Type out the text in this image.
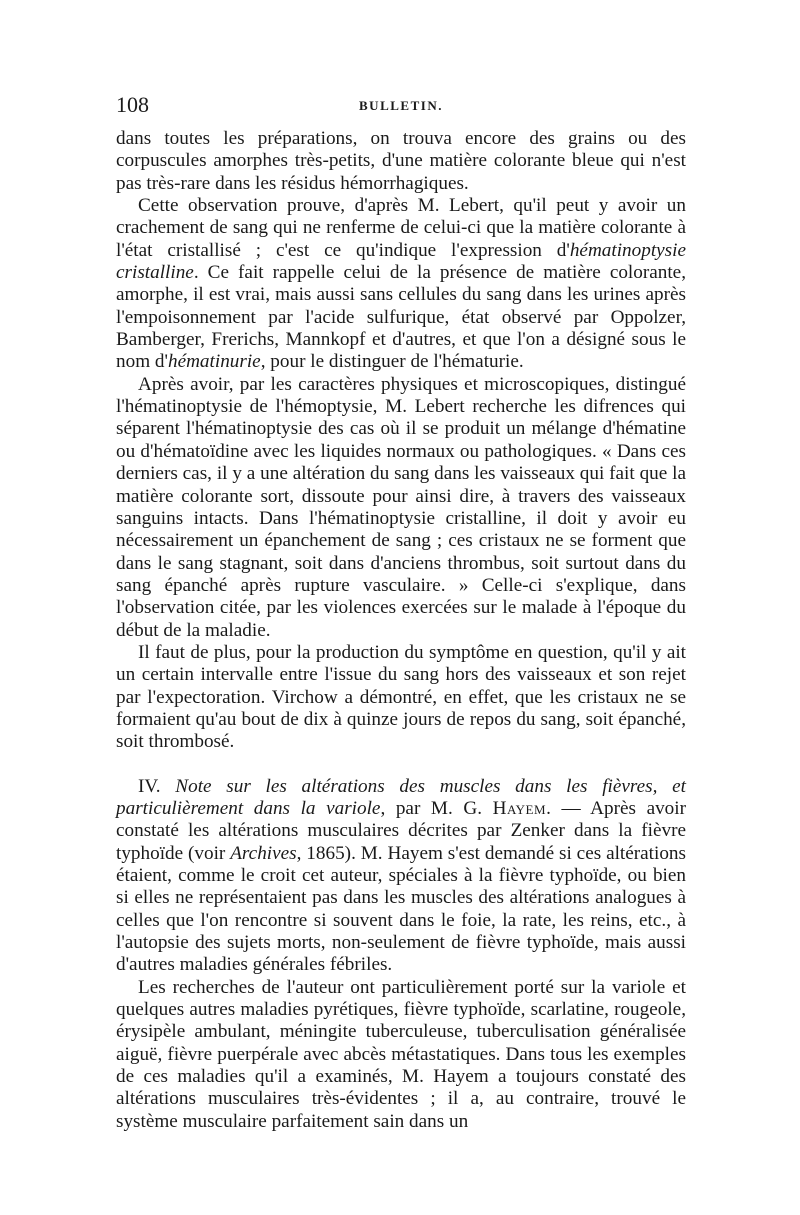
108	BULLETIN.

dans toutes les préparations, on trouva encore des grains ou des corpuscules amorphes très-petits, d'une matière colorante bleue qui n'est pas très-rare dans les résidus hémorrhagiques.

Cette observation prouve, d'après M. Lebert, qu'il peut y avoir un crachement de sang qui ne renferme de celui-ci que la matière colorante à l'état cristallisé ; c'est ce qu'indique l'expression d'hématinoptysie cristalline. Ce fait rappelle celui de la présence de matière colorante, amorphe, il est vrai, mais aussi sans cellules du sang dans les urines après l'empoisonnement par l'acide sulfurique, état observé par Oppolzer, Bamberger, Frerichs, Mannkopf et d'autres, et que l'on a désigné sous le nom d'hématinurie, pour le distinguer de l'hématurie.

Après avoir, par les caractères physiques et microscopiques, distingué l'hématinoptysie de l'hémoptysie, M. Lebert recherche les difrences qui séparent l'hématinoptysie des cas où il se produit un mélange d'hématine ou d'hématoïdine avec les liquides normaux ou pathologiques. « Dans ces derniers cas, il y a une altération du sang dans les vaisseaux qui fait que la matière colorante sort, dissoute pour ainsi dire, à travers des vaisseaux sanguins intacts. Dans l'hématinoptysie cristalline, il doit y avoir eu nécessairement un épanchement de sang ; ces cristaux ne se forment que dans le sang stagnant, soit dans d'anciens thrombus, soit surtout dans du sang épanché après rupture vasculaire. » Celle-ci s'explique, dans l'observation citée, par les violences exercées sur le malade à l'époque du début de la maladie.

Il faut de plus, pour la production du symptôme en question, qu'il y ait un certain intervalle entre l'issue du sang hors des vaisseaux et son rejet par l'expectoration. Virchow a démontré, en effet, que les cristaux ne se formaient qu'au bout de dix à quinze jours de repos du sang, soit épanché, soit thrombosé.

IV. Note sur les altérations des muscles dans les fièvres, et particulièrement dans la variole, par M. G. Hayem. — Après avoir constaté les altérations musculaires décrites par Zenker dans la fièvre typhoïde (voir Archives, 1865). M. Hayem s'est demandé si ces altérations étaient, comme le croit cet auteur, spéciales à la fièvre typhoïde, ou bien si elles ne représentaient pas dans les muscles des altérations analogues à celles que l'on rencontre si souvent dans le foie, la rate, les reins, etc., à l'autopsie des sujets morts, non-seulement de fièvre typhoïde, mais aussi d'autres maladies générales fébriles.

Les recherches de l'auteur ont particulièrement porté sur la variole et quelques autres maladies pyrétiques, fièvre typhoïde, scarlatine, rougeole, érysipèle ambulant, méningite tuberculeuse, tuberculisation généralisée aiguë, fièvre puerpérale avec abcès métastatiques. Dans tous les exemples de ces maladies qu'il a examinés, M. Hayem a toujours constaté des altérations musculaires très-évidentes ; il a, au contraire, trouvé le système musculaire parfaitement sain dans un
